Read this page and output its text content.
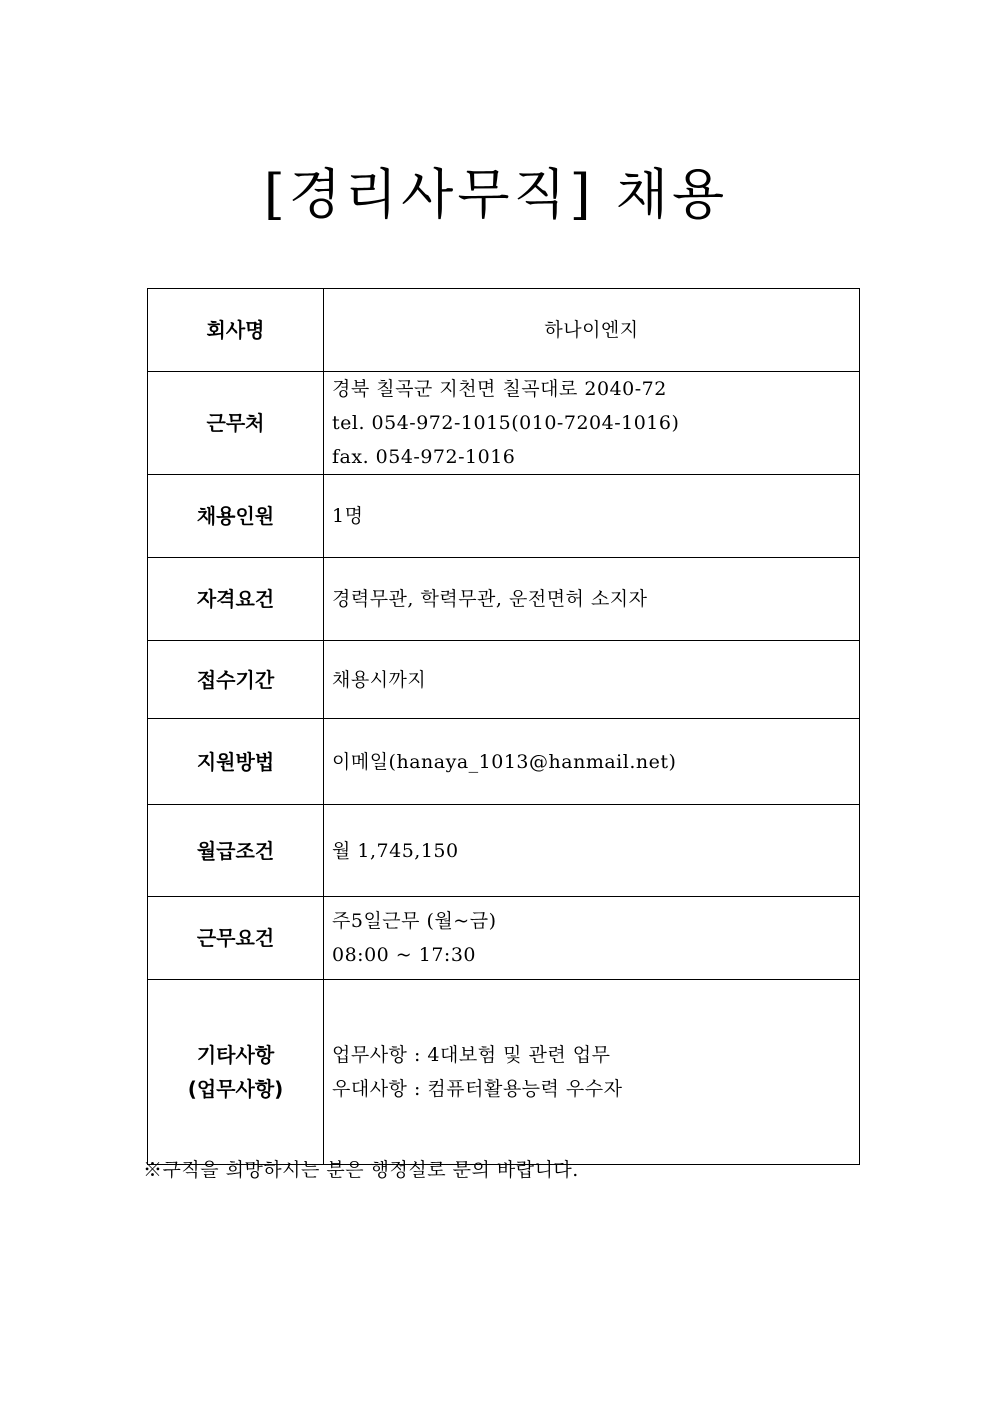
[경리사무직] 채용
회사명	하나이엔지
근무처	경북 칠곡군 지천면 칠곡대로 2040-72
tel. 054-972-1015(010-7204-1016)
fax. 054-972-1016

채용인원	1명
자격요건	경력무관, 학력무관, 운전면허 소지자
접수기간	채용시까지
지원방법	이메일(hanaya_1013@hanmail.net)
월급조건	월 1,745,150
근무요건	주5일근무 (월~금)
08:00 ~ 17:30

기타사항
(업무사항)	업무사항 : 4대보험 및 관련 업무
우대사항 : 컴퓨터활용능력 우수자
※구직을 희망하시는 분은 행정실로 문의 바랍니다.
